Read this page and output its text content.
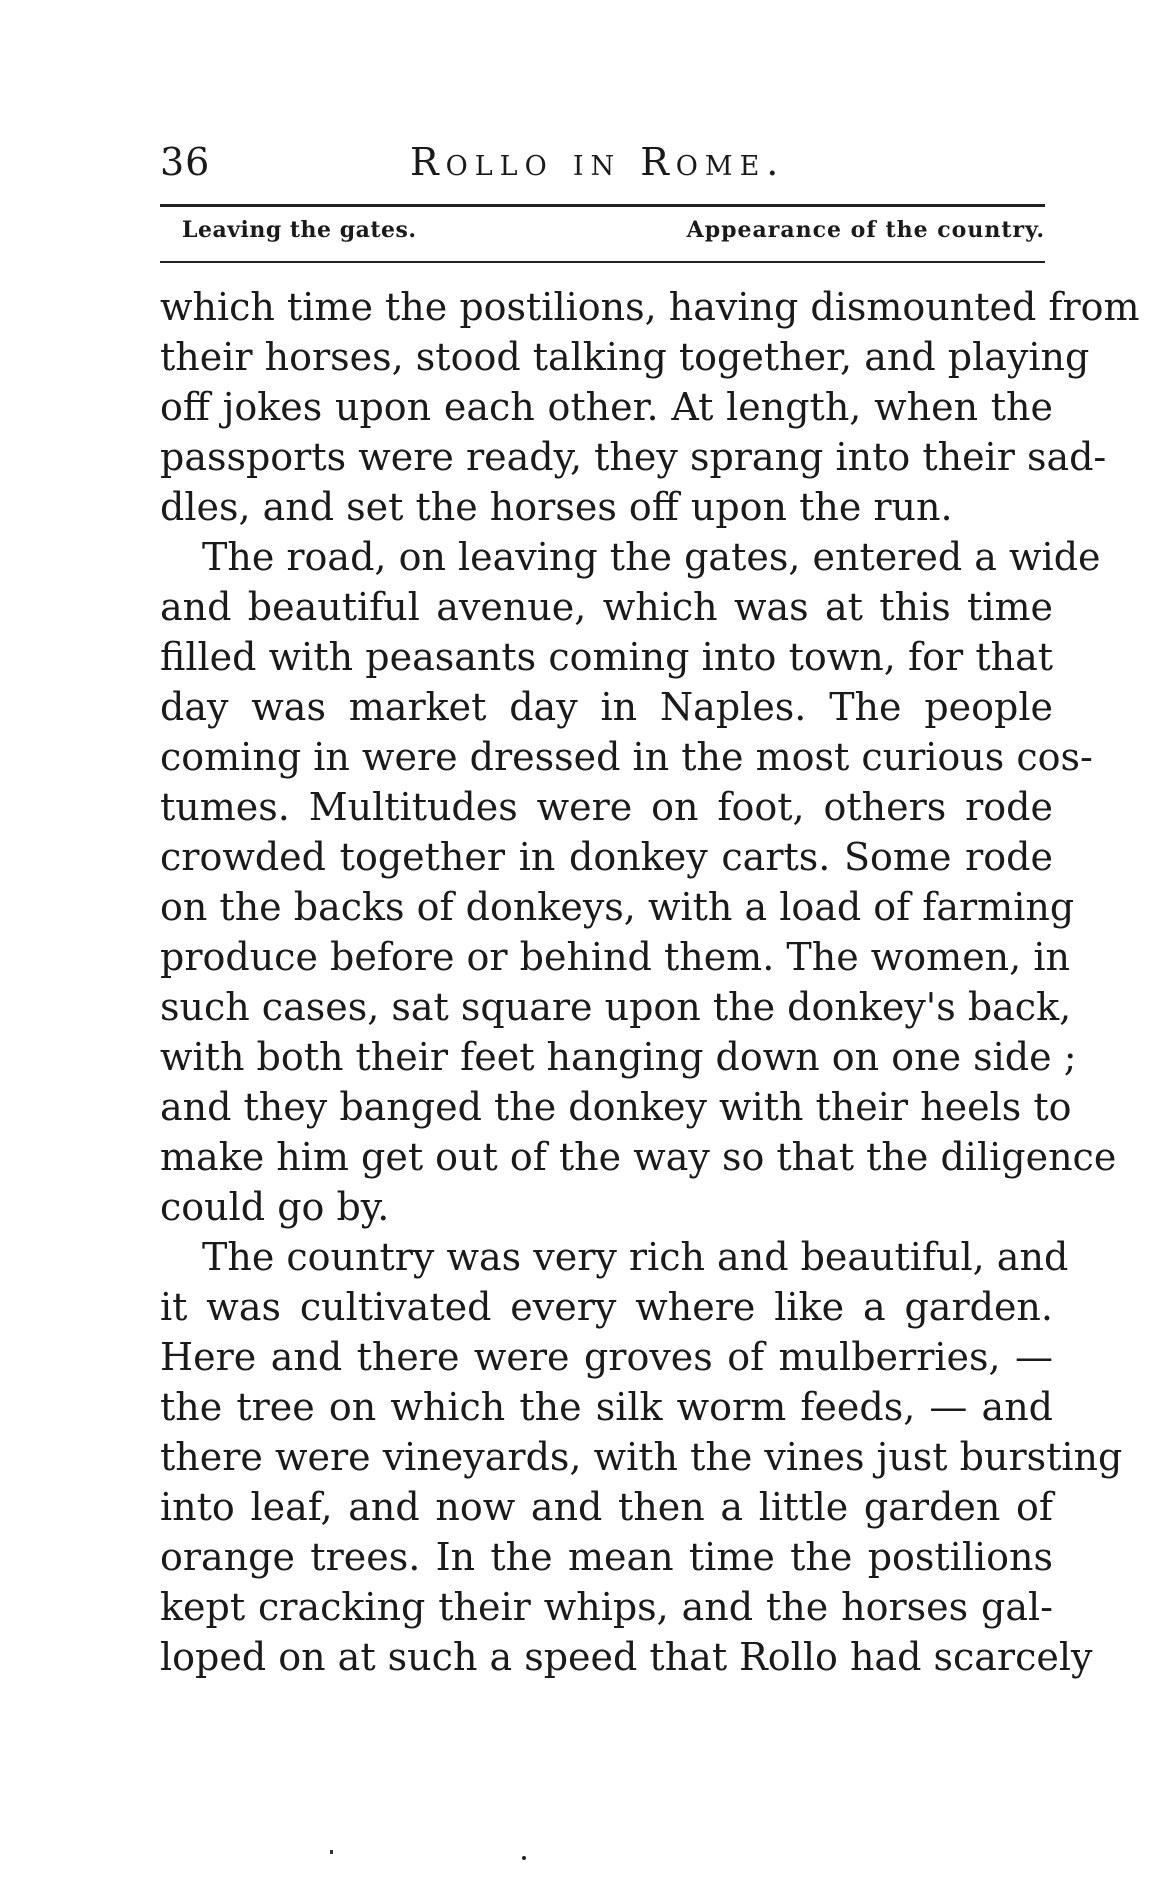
36	Rollo in Rome.
Leaving the gates.	Appearance of the country.
which time the postilions, having dismounted from
their horses, stood talking together, and playing
off jokes upon each other. At length, when the
passports were ready, they sprang into their sad-
dles, and set the horses off upon the run.
The road, on leaving the gates, entered a wide
and beautiful avenue, which was at this time
filled with peasants coming into town, for that
day was market day in Naples. The people
coming in were dressed in the most curious cos-
tumes. Multitudes were on foot, others rode
crowded together in donkey carts. Some rode
on the backs of donkeys, with a load of farming
produce before or behind them. The women, in
such cases, sat square upon the donkey's back,
with both their feet hanging down on one side ;
and they banged the donkey with their heels to
make him get out of the way so that the diligence
could go by.
The country was very rich and beautiful, and
it was cultivated every where like a garden.
Here and there were groves of mulberries, —
the tree on which the silk worm feeds, — and
there were vineyards, with the vines just bursting
into leaf, and now and then a little garden of
orange trees. In the mean time the postilions
kept cracking their whips, and the horses gal-
loped on at such a speed that Rollo had scarcely
